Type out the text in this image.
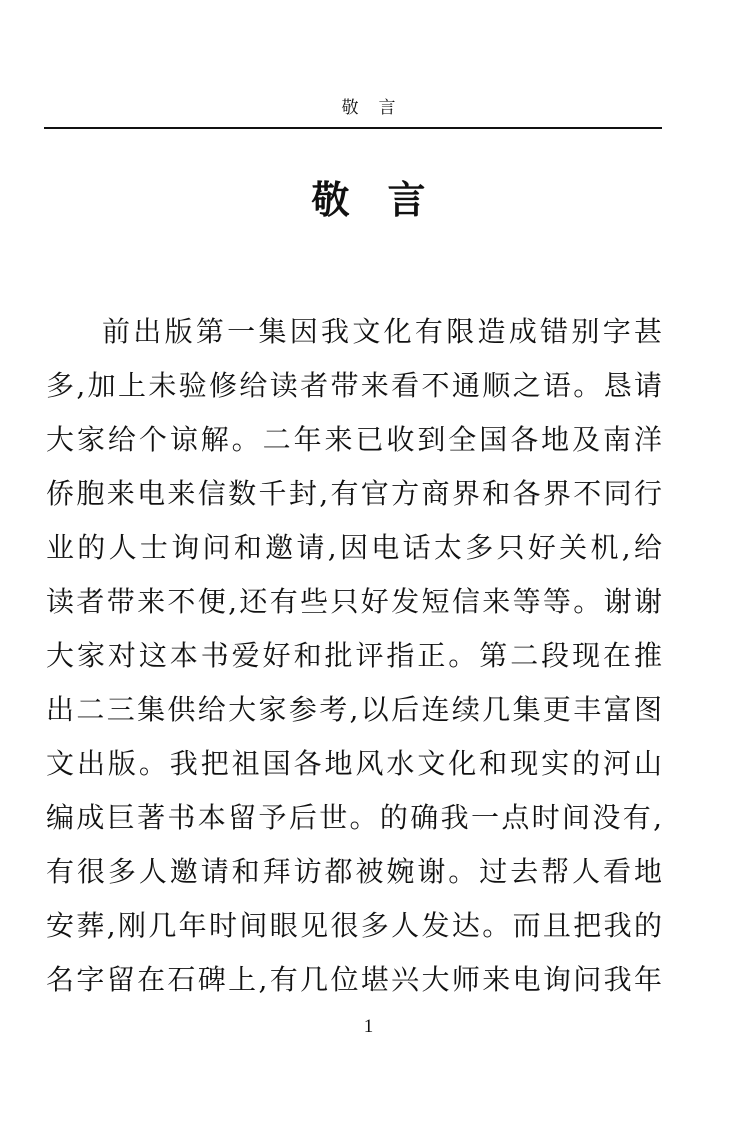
敬言
敬言
前出版第一集因我文化有限造成错别字甚
多,加上未验修给读者带来看不通顺之语。恳请
大家给个谅解。二年来已收到全国各地及南洋
侨胞来电来信数千封,有官方商界和各界不同行
业的人士询问和邀请,因电话太多只好关机,给
读者带来不便,还有些只好发短信来等等。谢谢
大家对这本书爱好和批评指正。第二段现在推
出二三集供给大家参考,以后连续几集更丰富图
文出版。我把祖国各地风水文化和现实的河山
编成巨著书本留予后世。的确我一点时间没有,
有很多人邀请和拜访都被婉谢。过去帮人看地
安葬,刚几年时间眼见很多人发达。而且把我的
名字留在石碑上,有几位堪兴大师来电询问我年
1
